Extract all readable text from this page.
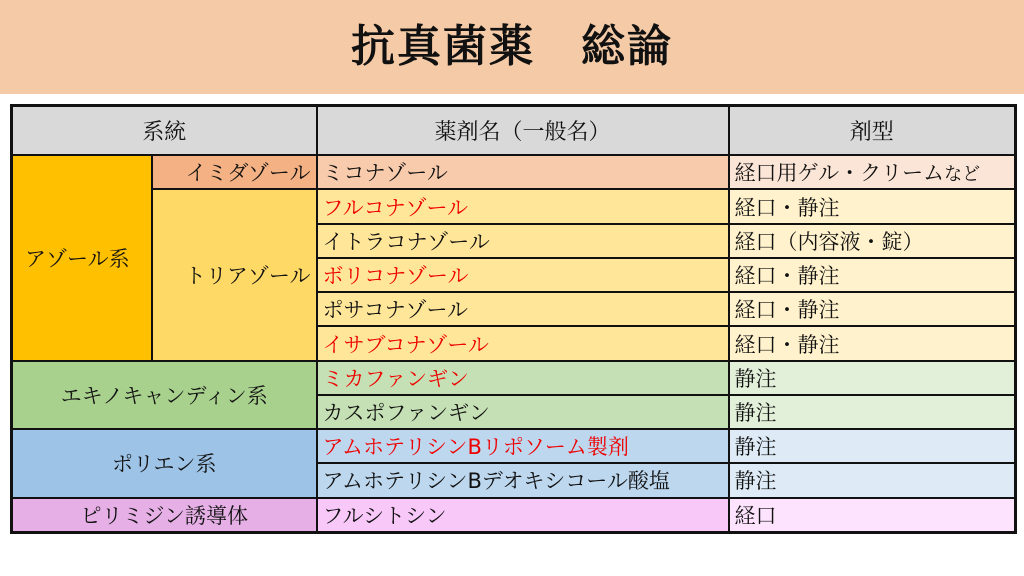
抗真菌薬　総論
系統		薬剤名（一般名）	剤型
アゾール系	イミダゾール	ミコナゾール	経口用ゲル・クリームなど
	トリアゾール	フルコナゾール	経口・静注
		イトラコナゾール	経口（内容液・錠）
		ボリコナゾール	経口・静注
		ポサコナゾール	経口・静注
		イサブコナゾール	経口・静注
エキノキャンディン系		ミカファンギン	静注
		カスポファンギン	静注
ポリエン系		アムホテリシンBリポソーム製剤	静注
		アムホテリシンBデオキシコール酸塩	静注
ピリミジン誘導体		フルシトシン	経口
